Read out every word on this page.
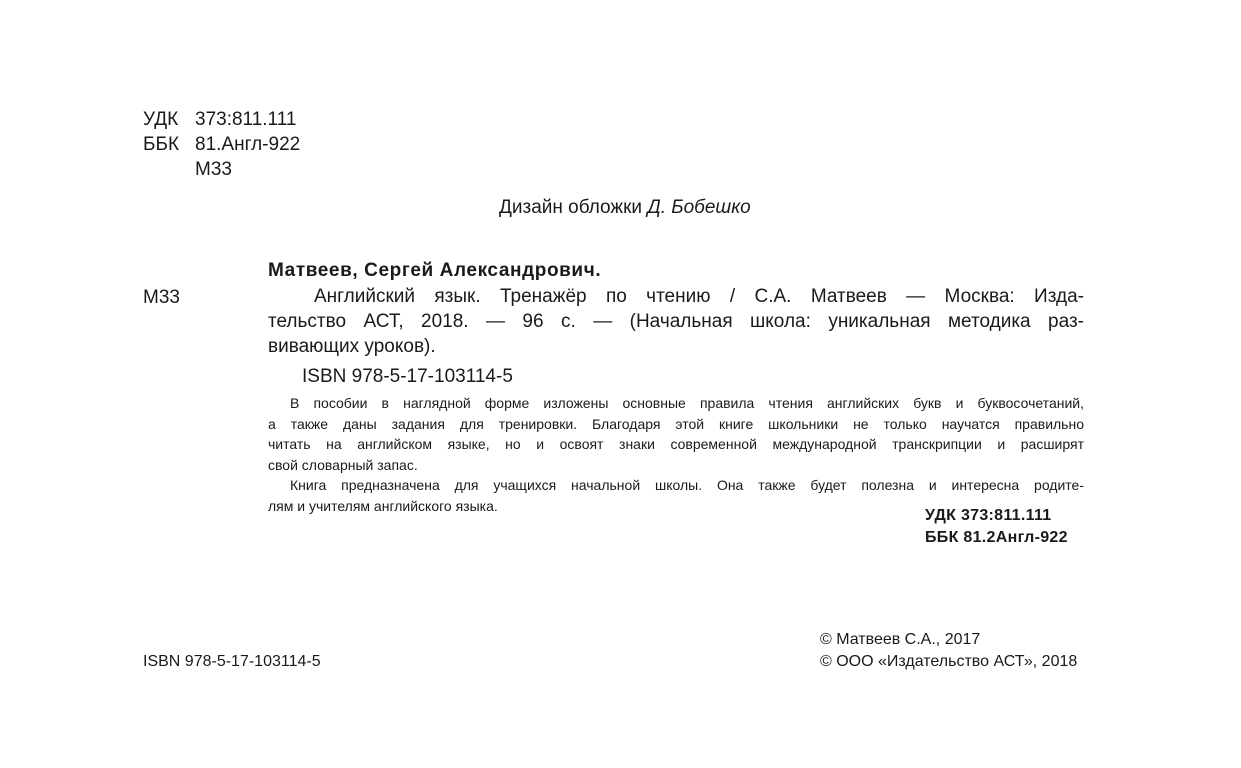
УДК 373:811.111
ББК 81.Англ-922
М33
Дизайн обложки Д. Бобешко
Матвеев, Сергей Александрович.
М33	Английский язык. Тренажёр по чтению / С.А. Матвеев — Москва: Изда-
тельство АСТ, 2018. — 96 с. — (Начальная школа: уникальная методика раз-
вивающих уроков).
ISBN 978-5-17-103114-5
В пособии в наглядной форме изложены основные правила чтения английских букв и буквосочетаний,
а также даны задания для тренировки. Благодаря этой книге школьники не только научатся правильно
читать на английском языке, но и освоят знаки современной международной транскрипции и расширят
свой словарный запас.
Книга предназначена для учащихся начальной школы. Она также будет полезна и интересна родите-
лям и учителям английского языка.
УДК 373:811.111
ББК 81.2Англ-922
ISBN 978-5-17-103114-5
© Матвеев С.А., 2017
© ООО «Издательство АСТ», 2018
